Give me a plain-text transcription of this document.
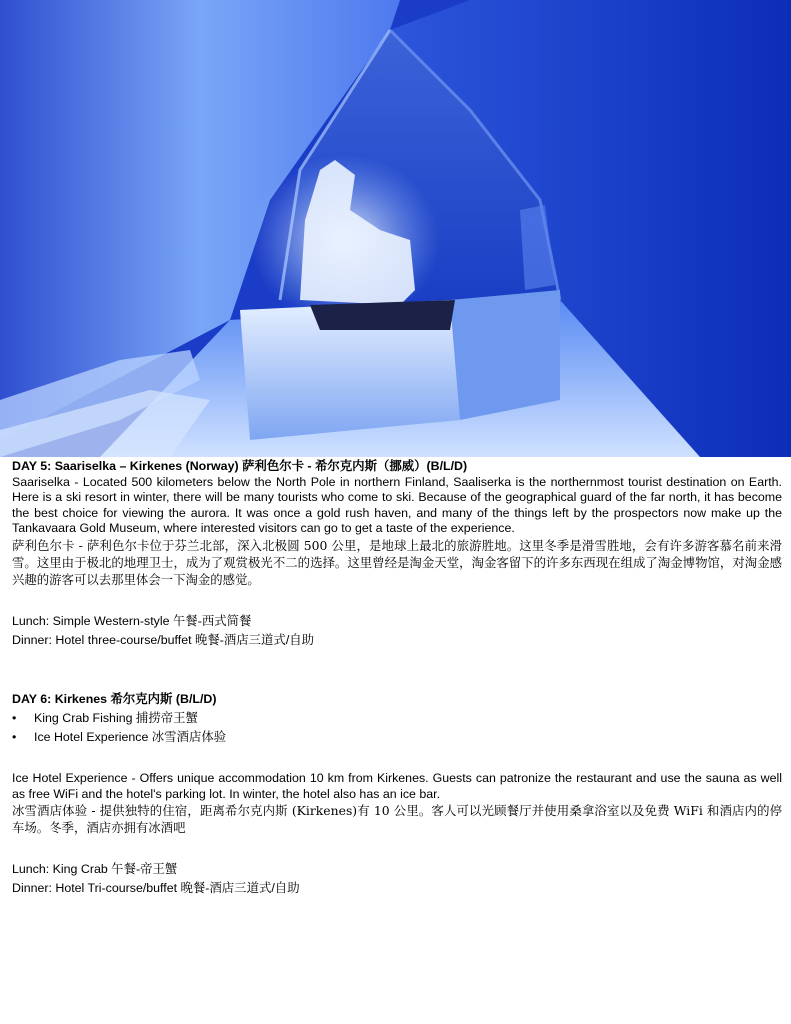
DAY 5: Saariselka – Kirkenes (Norway) 萨利色尔卡 - 希尔克内斯（挪威）(B/L/D)

Saariselka - Located 500 kilometers below the North Pole in northern Finland, Saaliserka is the northernmost tourist destination on Earth. Here is a ski resort in winter, there will be many tourists who come to ski. Because of the geographical guard of the far north, it has become the best choice for viewing the aurora. It was once a gold rush haven, and many of the things left by the prospectors now make up the Tankavaara Gold Museum, where interested visitors can go to get a taste of the experience.

萨利色尔卡 - 萨利色尔卡位于芬兰北部，深入北极圆 500 公里，是地球上最北的旅游胜地。这里冬季是滑雪胜地，会有许多游客慕名前来滑雪。这里由于极北的地理卫士，成为了观赏极光不二的选择。这里曾经是淘金天堂，淘金客留下的许多东西现在组成了淘金博物馆，对淘金感兴趣的游客可以去那里体会一下淘金的感觉。

Lunch: Simple Western-style 午餐-西式简餐

Dinner: Hotel three-course/buffet 晚餐-酒店三道式/自助

DAY 6: Kirkenes 希尔克内斯 (B/L/D)

• King Crab Fishing 捕捞帝王蟹
• Ice Hotel Experience 冰雪酒店体验

Ice Hotel Experience - Offers unique accommodation 10 km from Kirkenes. Guests can patronize the restaurant and use the sauna as well as free WiFi and the hotel's parking lot. In winter, the hotel also has an ice bar.

冰雪酒店体验 - 提供独特的住宿，距离希尔克内斯 (Kirkenes)有 10 公里。客人可以光顾餐厅并使用桑拿浴室以及免费 WiFi 和酒店内的停车场。冬季，酒店亦拥有冰酒吧

Lunch: King Crab 午餐-帝王蟹

Dinner: Hotel Tri-course/buffet 晚餐-酒店三道式/自助
